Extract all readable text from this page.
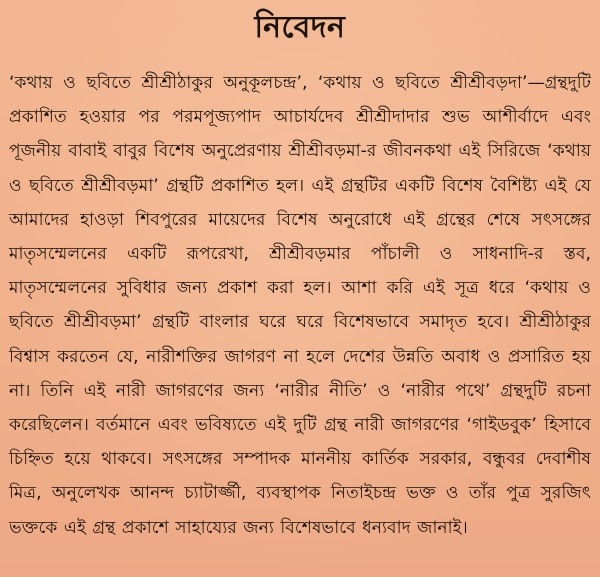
নিবেদন

‘কথায় ও ছবিতে শ্রীশ্রীঠাকুর অনুকূলচন্দ্র’, ‘কথায় ও ছবিতে শ্রীশ্রীবড়দা’—গ্রন্থদুটি প্রকাশিত হওয়ার পর পরমপূজ্যপাদ আচার্যদেব শ্রীশ্রীদাদার শুভ আশীর্বাদে এবং পূজনীয় বাবাই বাবুর বিশেষ অনুপ্রেরণায় শ্রীশ্রীবড়মা-র জীবনকথা এই সিরিজে ‘কথায় ও ছবিতে শ্রীশ্রীবড়মা’ গ্রন্থটি প্রকাশিত হল। এই গ্রন্থটির একটি বিশেষ বৈশিষ্ট্য এই যে আমাদের হাওড়া শিবপুরের মায়েদের বিশেষ অনুরোধে এই গ্রন্থের শেষে সৎসঙ্গের মাতৃসম্মেলনের একটি রূপরেখা, শ্রীশ্রীবড়মার পাঁচালী ও সাধনাদি-র স্তব, মাতৃসম্মেলনের সুবিধার জন্য প্রকাশ করা হল। আশা করি এই সূত্র ধরে ‘কথায় ও ছবিতে শ্রীশ্রীবড়মা’ গ্রন্থটি বাংলার ঘরে ঘরে বিশেষভাবে সমাদৃত হবে। শ্রীশ্রীঠাকুর বিশ্বাস করতেন যে, নারীশক্তির জাগরণ না হলে দেশের উন্নতি অবাধ ও প্রসারিত হয় না। তিনি এই নারী জাগরণের জন্য ‘নারীর নীতি’ ও ‘নারীর পথে’ গ্রন্থদুটি রচনা করেছিলেন। বর্তমানে এবং ভবিষ্যতে এই দুটি গ্রন্থ নারী জাগরণের ‘গাইডবুক’ হিসাবে চিহ্নিত হয়ে থাকবে। সৎসঙ্গের সম্পাদক মাননীয় কার্তিক সরকার, বন্ধুবর দেবাশীষ মিত্র, অনুলেখক আনন্দ চ্যাটার্জ্জী, ব্যবস্থাপক নিতাইচন্দ্র ভক্ত ও তাঁর পুত্র সুরজিৎ ভক্তকে এই গ্রন্থ প্রকাশে সাহায্যের জন্য বিশেষভাবে ধন্যবাদ জানাই।
